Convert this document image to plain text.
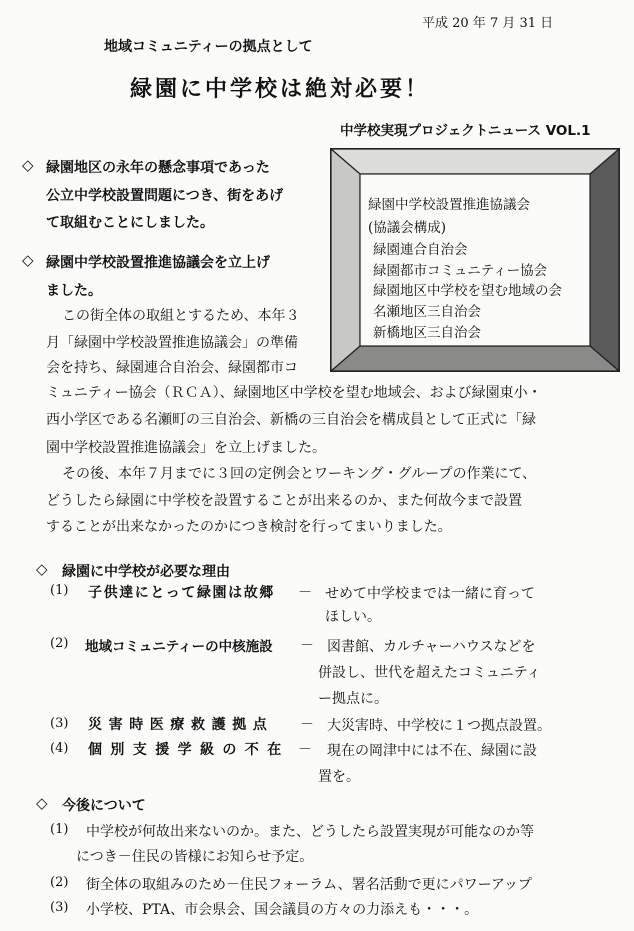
平成 20 年 7 月 31 日
地域コミュニティーの拠点として
緑園に中学校は絶対必要！
中学校実現プロジェクトニュース VOL.1
◇ 緑園地区の永年の懸念事項であった
公立中学校設置問題につき、街をあげ
て取組むことにしました。
◇ 緑園中学校設置推進協議会を立上げ
ました。
この街全体の取組とするため、本年３
月「緑園中学校設置推進協議会」の準備
会を持ち、緑園連合自治会、緑園都市コ
ミュニティー協会（ＲＣＡ）、緑園地区中学校を望む地域会、および緑園東小・
西小学区である名瀬町の三自治会、新橋の三自治会を構成員として正式に「緑
園中学校設置推進協議会」を立上げました。
その後、本年７月までに３回の定例会とワーキング・グループの作業にて、
どうしたら緑園に中学校を設置することが出来るのか、また何故今まで設置
することが出来なかったのかにつき検討を行ってまいりました。
緑園中学校設置推進協議会
(協議会構成)
緑園連合自治会
緑園都市コミュニティー協会
緑園地区中学校を望む地域の会
名瀬地区三自治会
新橋地区三自治会
◇ 緑園に中学校が必要な理由
(1) 子供達にとって緑園は故郷 － せめて中学校までは一緒に育って
ほしい。
(2) 地域コミュニティーの中核施設 － 図書館、カルチャーハウスなどを
併設し、世代を超えたコミュニティ
ー拠点に。
(3) 災害時医療救護拠点 － 大災害時、中学校に１つ拠点設置。
(4) 個別支援学級の不在 － 現在の岡津中には不在、緑園に設
置を。
◇ 今後について
(1) 中学校が何故出来ないのか。また、どうしたら設置実現が可能なのか等
につき－住民の皆様にお知らせ予定。
(2) 街全体の取組みのため－住民フォーラム、署名活動で更にパワーアップ
(3) 小学校、PTA、市会県会、国会議員の方々の力添えも・・・。
